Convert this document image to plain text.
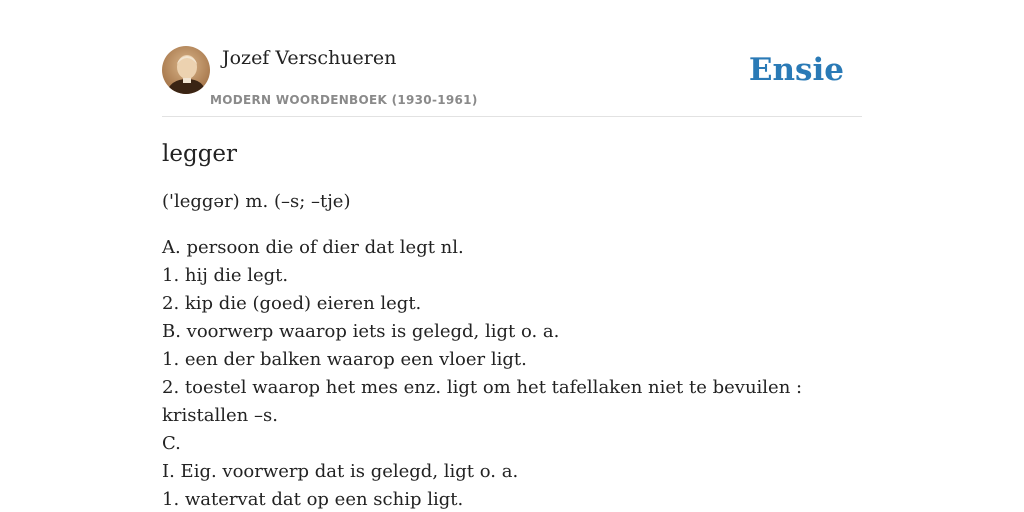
Jozef Verschueren
MODERN WOORDENBOEK (1930-1961)
Ensie
legger

('leggər) m. (–s; –tje)

A. persoon die of dier dat legt nl.
1. hij die legt.
2. kip die (goed) eieren legt.
B. voorwerp waarop iets is gelegd, ligt o. a.
1. een der balken waarop een vloer ligt.
2. toestel waarop het mes enz. ligt om het tafellaken niet te bevuilen : kristallen –s.
C.
I. Eig. voorwerp dat is gelegd, ligt o. a.
1. watervat dat op een schip ligt.
